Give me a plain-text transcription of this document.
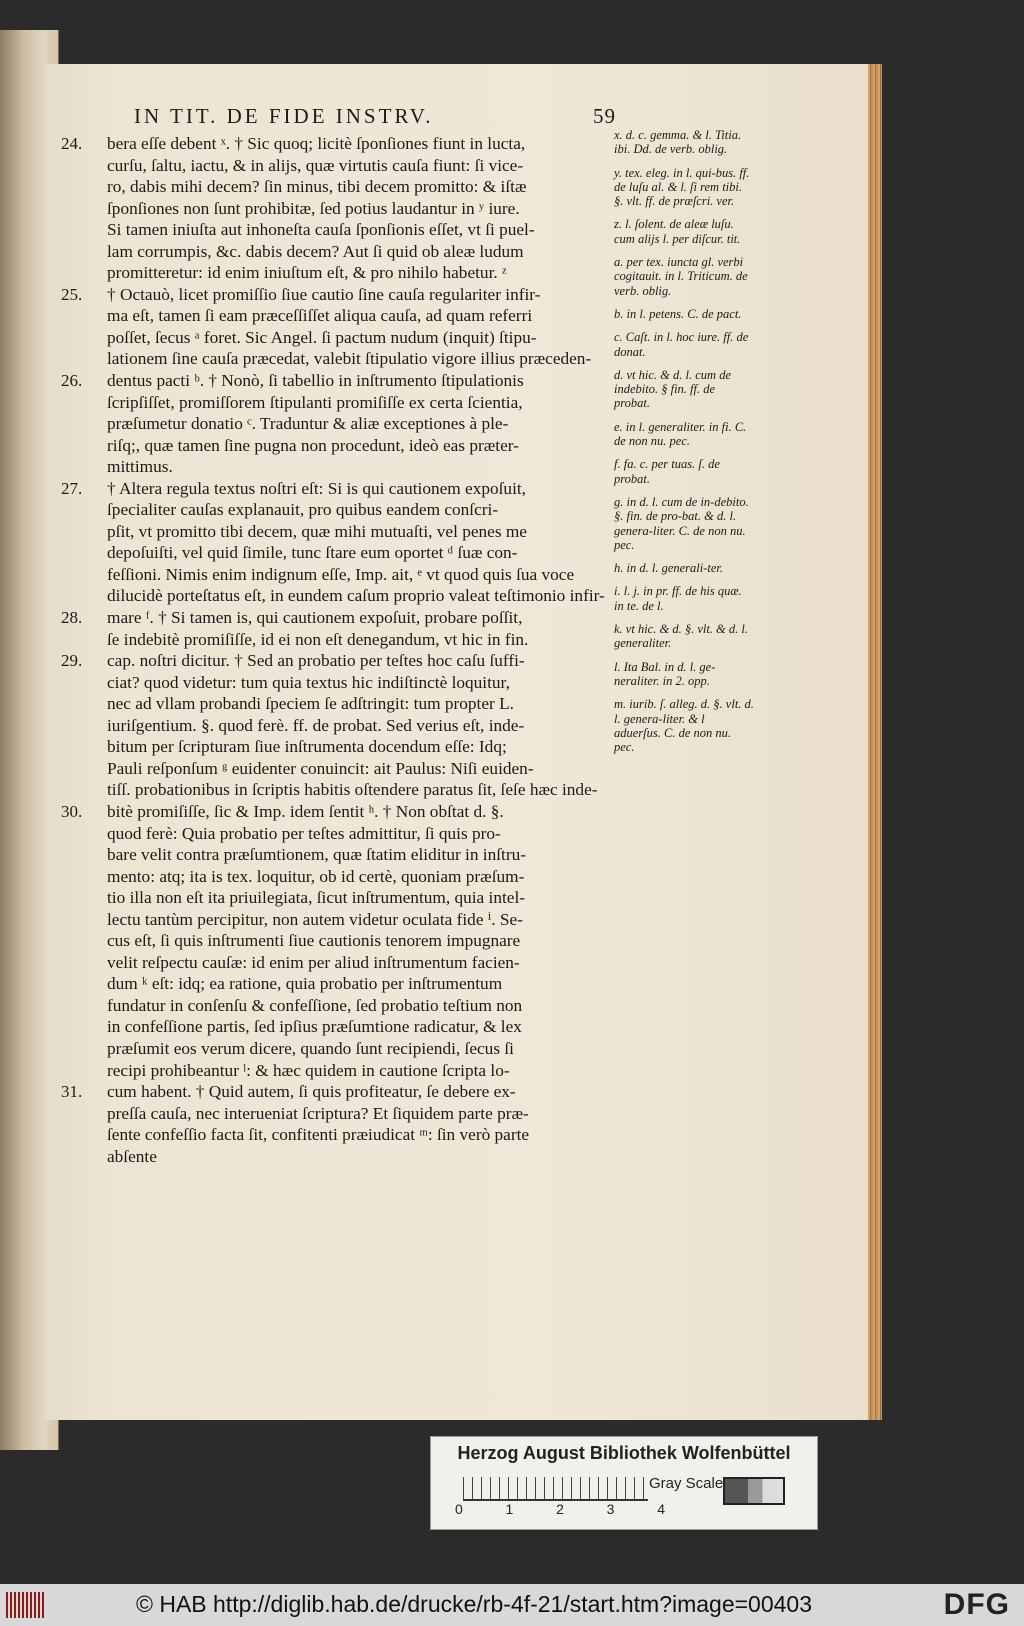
IN TIT. DE FIDE INSTRV.	59
24. bera eſſe debent ˣ. † Sic quoq; licitè ſponſiones fiunt in lucta,
curſu, ſaltu, iactu, & in alijs, quæ virtutis cauſa fiunt: ſi vice-
ro, dabis mihi decem? ſin minus, tibi decem promitto: & iſtæ
ſponſiones non ſunt prohibitæ, ſed potius laudantur in ʸ iure.
Si tamen iniuſta aut inhoneſta cauſa ſponſionis eſſet, vt ſi puel-
lam corrumpis, &c. dabis decem? Aut ſi quid ob aleæ ludum
promitteretur: id enim iniuſtum eſt, & pro nihilo habetur. ᶻ
25. † Octauò, licet promiſſio ſiue cautio ſine cauſa regulariter infir-
ma eſt, tamen ſi eam præceſſiſſet aliqua cauſa, ad quam referri
poſſet, ſecus ᵃ foret. Sic Angel. ſi pactum nudum (inquit) ſtipu-
lationem ſine cauſa præcedat, valebit ſtipulatio vigore illius præceden-
26. dentus pacti ᵇ. † Nonò, ſi tabellio in inſtrumento ſtipulationis
ſcripſiſſet, promiſſorem ſtipulanti promiſiſſe ex certa ſcientia,
præſumetur donatio ᶜ. Traduntur & aliæ exceptiones à ple-
riſq;, quæ tamen ſine pugna non procedunt, ideò eas præter-
mittimus.
27. † Altera regula textus noſtri eſt: Si is qui cautionem expoſuit,
ſpecialiter cauſas explanauit, pro quibus eandem conſcri-
pſit, vt promitto tibi decem, quæ mihi mutuaſti, vel penes me
depoſuiſti, vel quid ſimile, tunc ſtare eum oportet ᵈ ſuæ con-
feſſioni. Nimis enim indignum eſſe, Imp. ait, ᵉ vt quod quis ſua voce
dilucidè porteſtatus eſt, in eundem caſum proprio valeat teſtimonio infir-
28. mare ᶠ. † Si tamen is, qui cautionem expoſuit, probare poſſit,
ſe indebitè promiſiſſe, id ei non eſt denegandum, vt hic in fin.
29. cap. noſtri dicitur. † Sed an probatio per teſtes hoc caſu ſuffi-
ciat? quod videtur: tum quia textus hic indiſtinctè loquitur,
nec ad vllam probandi ſpeciem ſe adſtringit: tum propter L.
iuriſgentium. §. quod ferè. ff. de probat. Sed verius eſt, inde-
bitum per ſcripturam ſiue inſtrumenta docendum eſſe: Idq;
Pauli reſponſum ᵍ euidenter conuincit: ait Paulus: Niſi euiden-
tiſſ. probationibus in ſcriptis habitis oſtendere paratus ſit, ſeſe hæc inde-
30. bitè promiſiſſe, ſic & Imp. idem ſentit ʰ. † Non obſtat d. §.
quod ferè: Quia probatio per teſtes admittitur, ſi quis pro-
bare velit contra præſumtionem, quæ ſtatim eliditur in inſtru-
mento: atq; ita is tex. loquitur, ob id certè, quoniam præſum-
tio illa non eſt ita priuilegiata, ſicut inſtrumentum, quia intel-
lectu tantùm percipitur, non autem videtur oculata fide ⁱ. Se-
cus eſt, ſi quis inſtrumenti ſiue cautionis tenorem impugnare
velit reſpectu cauſæ: id enim per aliud inſtrumentum facien-
dum ᵏ eſt: idq; ea ratione, quia probatio per inſtrumentum
fundatur in conſenſu & confeſſione, ſed probatio teſtium non
in confeſſione partis, ſed ipſius præſumtione radicatur, & lex
præſumit eos verum dicere, quando ſunt recipiendi, ſecus ſi
recipi prohibeantur ˡ: & hæc quidem in cautione ſcripta lo-
31. cum habent. † Quid autem, ſi quis profiteatur, ſe debere ex-
preſſa cauſa, nec interueniat ſcriptura? Et ſiquidem parte præ-
ſente confeſſio facta ſit, confitenti præiudicat ᵐ: ſin verò parte
abſente
x. d. c. gemma. & l. Titia. ibi. Dd. de verb. oblig.
y. tex. eleg. in l. qui-bus. ff. de luſu al. & l. ſi rem tibi. §. vlt. ff. de præſcri. ver.
z. l. ſolent. de aleæ luſu. cum alijs l. per diſcur. tit.
a. per tex. iuncta gl. verbi cogitauit. in l. Triticum. de verb. oblig.
b. in l. petens. C. de pact.
c. Caſt. in l. hoc iure. ff. de donat.
d. vt hic. & d. l. cum de indebito. § fin. ff. de probat.
e. in l. generaliter. in fi. C. de non nu. pec.
f. fa. c. per tuas. ſ. de probat.
g. in d. l. cum de in-debito. §. fin. de pro-bat. & d. l. genera-liter. C. de non nu. pec.
h. in d. l. generali-ter.
i. l. j. in pr. ff. de his quæ. in te. de l.
k. vt hic. & d. §. vlt. & d. l. generaliter.
l. Ita Bal. in d. l. ge-neraliter. in 2. opp.
m. iurib. ſ. alleg. d. §. vlt. d. l. genera-liter. & l aduerſus. C. de non nu. pec.
Herzog August Bibliothek Wolfenbüttel
0	1	2	3	4
Gray Scale
© HAB http://diglib.hab.de/drucke/rb-4f-21/start.htm?image=00403	DFG
